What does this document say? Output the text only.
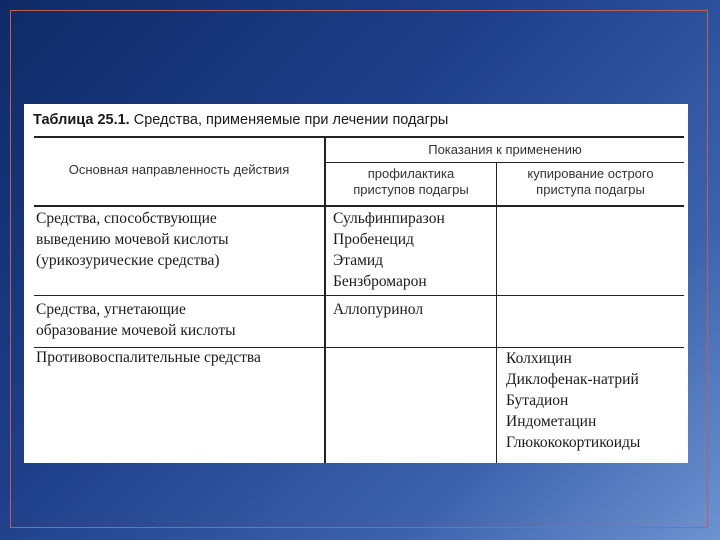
Таблица 25.1. Средства, применяемые при лечении подагры
Основная направленность действия
Показания к применению
профилактика
приступов подагры
купирование острого
приступа подагры
Средства, способствующие
выведению мочевой кислоты
(урикозурические средства)
Сульфинпиразон
Пробенецид
Этамид
Бензбромарон
Средства, угнетающие
образование мочевой кислоты
Аллопуринол
Противовоспалительные средства	Колхицин
Диклофенак-натрий
Бутадион
Индометацин
Глюкококортикоиды
